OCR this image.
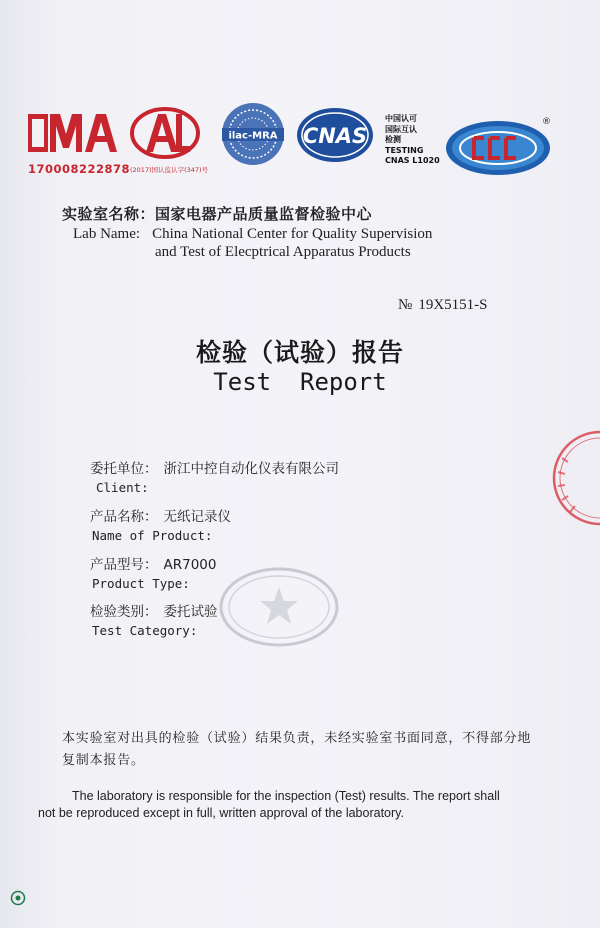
ilac-MRA CNAS
®
170008222878 (2017)国认监认字(347)号
中国认可
国际互认
检测
TESTING
CNAS L1020
实验室名称：国家电器产品质量监督检验中心
Lab Name: China National Center for Quality Supervision
and Test of Elecptrical Apparatus Products
№ 19X5151-S
检验（试验）报告
Test  Report
委托单位： 浙江中控自动化仪表有限公司
Client:
产品名称： 无纸记录仪
Name of Product:
产品型号： AR7000
Product Type:
检验类别： 委托试验
Test Category:
本实验室对出具的检验（试验）结果负责，未经实验室书面同意，不得部分地复制本报告。
The laboratory is responsible for the inspection (Test) results. The report shall
not be reproduced except in full, written approval of the laboratory.
